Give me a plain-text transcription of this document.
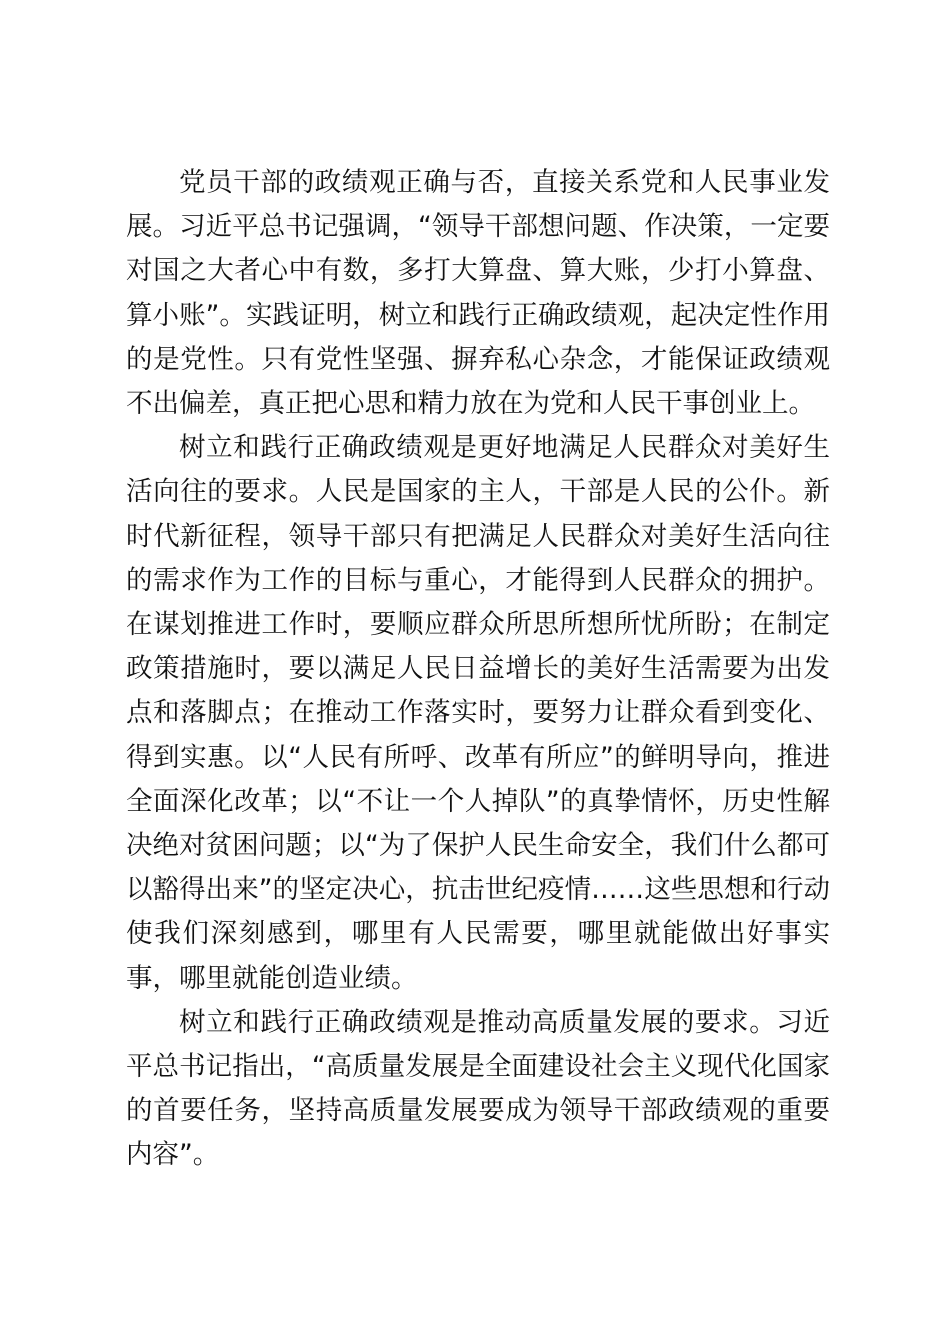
党员干部的政绩观正确与否，直接关系党和人民事业发展。习近平总书记强调，“领导干部想问题、作决策，一定要对国之大者心中有数，多打大算盘、算大账，少打小算盘、算小账”。实践证明，树立和践行正确政绩观，起决定性作用的是党性。只有党性坚强、摒弃私心杂念，才能保证政绩观不出偏差，真正把心思和精力放在为党和人民干事创业上。

树立和践行正确政绩观是更好地满足人民群众对美好生活向往的要求。人民是国家的主人，干部是人民的公仆。新时代新征程，领导干部只有把满足人民群众对美好生活向往的需求作为工作的目标与重心，才能得到人民群众的拥护。在谋划推进工作时，要顺应群众所思所想所忧所盼；在制定政策措施时，要以满足人民日益增长的美好生活需要为出发点和落脚点；在推动工作落实时，要努力让群众看到变化、得到实惠。以“人民有所呼、改革有所应”的鲜明导向，推进全面深化改革；以“不让一个人掉队”的真挚情怀，历史性解决绝对贫困问题；以“为了保护人民生命安全，我们什么都可以豁得出来”的坚定决心，抗击世纪疫情……这些思想和行动使我们深刻感到，哪里有人民需要，哪里就能做出好事实事，哪里就能创造业绩。

树立和践行正确政绩观是推动高质量发展的要求。习近平总书记指出，“高质量发展是全面建设社会主义现代化国家的首要任务，坚持高质量发展要成为领导干部政绩观的重要内容”。
